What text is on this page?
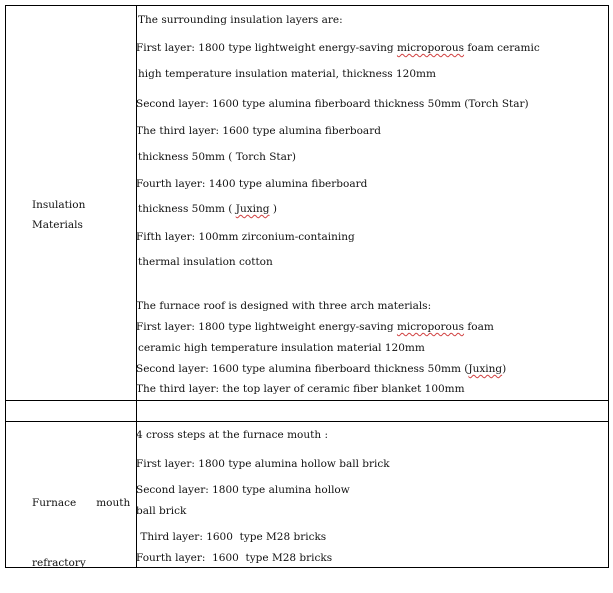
Insulation
Materials
The surrounding insulation layers are:
First layer: 1800 type lightweight energy-saving microporous foam ceramic
high temperature insulation material, thickness 120mm
Second layer: 1600 type alumina fiberboard thickness 50mm (Torch Star)
The third layer: 1600 type alumina fiberboard
thickness 50mm ( Torch Star)
Fourth layer: 1400 type alumina fiberboard
thickness 50mm ( Juxing )
Fifth layer: 100mm zirconium-containing
thermal insulation cotton
The furnace roof is designed with three arch materials:
First layer: 1800 type lightweight energy-saving microporous foam
ceramic high temperature insulation material 120mm
Second layer: 1600 type alumina fiberboard thickness 50mm (Juxing)
The third layer: the top layer of ceramic fiber blanket 100mm

Furnace      mouth

refractory

4 cross steps at the furnace mouth :
First layer: 1800 type alumina hollow ball brick
Second layer: 1800 type alumina hollow
ball brick
Third layer: 1600  type M28 bricks
Fourth layer:  1600  type M28 bricks
